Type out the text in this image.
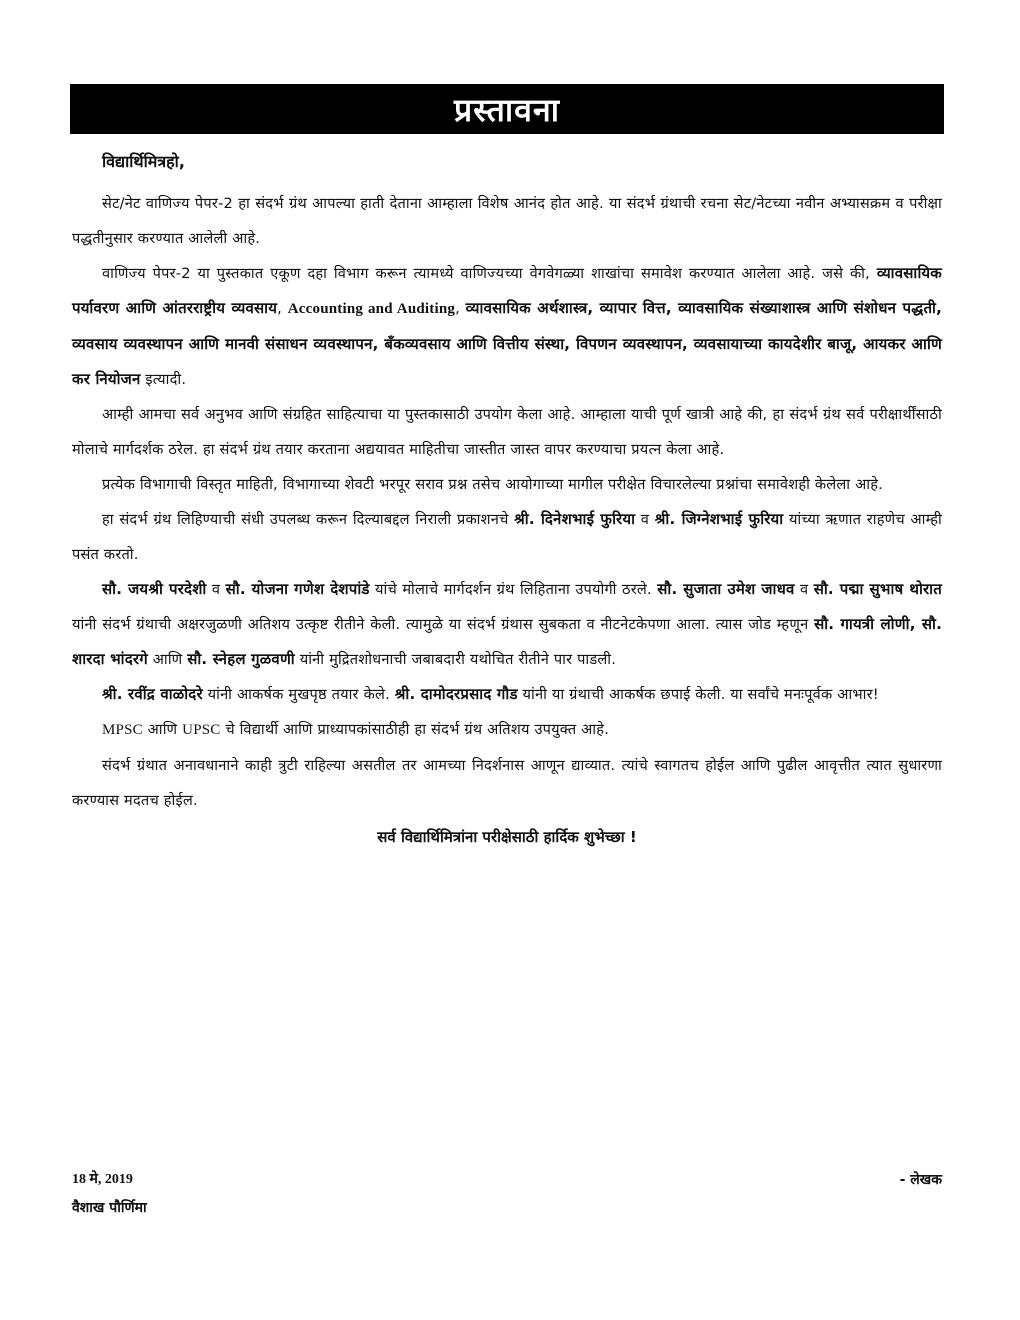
प्रस्तावना
विद्यार्थिमित्रहो,

सेट/नेट वाणिज्य पेपर-2 हा संदर्भ ग्रंथ आपल्या हाती देताना आम्हाला विशेष आनंद होत आहे. या संदर्भ ग्रंथाची रचना सेट/नेटच्या नवीन अभ्यासक्रम व परीक्षा पद्धतीनुसार करण्यात आलेली आहे.

वाणिज्य पेपर-2 या पुस्तकात एकूण दहा विभाग करून त्यामध्ये वाणिज्यच्या वेगवेगळ्या शाखांचा समावेश करण्यात आलेला आहे. जसे की, व्यावसायिक पर्यावरण आणि आंतरराष्ट्रीय व्यवसाय, Accounting and Auditing, व्यावसायिक अर्थशास्त्र, व्यापार वित्त, व्यावसायिक संख्याशास्त्र आणि संशोधन पद्धती, व्यवसाय व्यवस्थापन आणि मानवी संसाधन व्यवस्थापन, बँकव्यवसाय आणि वित्तीय संस्था, विपणन व्यवस्थापन, व्यवसायाच्या कायदेशीर बाजू, आयकर आणि कर नियोजन इत्यादी.

आम्ही आमचा सर्व अनुभव आणि संग्रहित साहित्याचा या पुस्तकासाठी उपयोग केला आहे. आम्हाला याची पूर्ण खात्री आहे की, हा संदर्भ ग्रंथ सर्व परीक्षार्थींसाठी मोलाचे मार्गदर्शक ठरेल. हा संदर्भ ग्रंथ तयार करताना अद्ययावत माहितीचा जास्तीत जास्त वापर करण्याचा प्रयत्न केला आहे.

प्रत्येक विभागाची विस्तृत माहिती, विभागाच्या शेवटी भरपूर सराव प्रश्न तसेच आयोगाच्या मागील परीक्षेत विचारलेल्या प्रश्नांचा समावेशही केलेला आहे.

हा संदर्भ ग्रंथ लिहिण्याची संधी उपलब्ध करून दिल्याबद्दल निराली प्रकाशनचे श्री. दिनेशभाई फुरिया व श्री. जिग्नेशभाई फुरिया यांच्या ऋणात राहणेच आम्ही पसंत करतो.

सौ. जयश्री परदेशी व सौ. योजना गणेश देशपांडे यांचे मोलाचे मार्गदर्शन ग्रंथ लिहिताना उपयोगी ठरले. सौ. सुजाता उमेश जाधव व सौ. पद्मा सुभाष थोरात यांनी संदर्भ ग्रंथाची अक्षरजुळणी अतिशय उत्कृष्ट रीतीने केली. त्यामुळे या संदर्भ ग्रंथास सुबकता व नीटनेटकेपणा आला. त्यास जोड म्हणून सौ. गायत्री लोणी, सौ. शारदा भांदरगे आणि सौ. स्नेहल गुळवणी यांनी मुद्रितशोधनाची जबाबदारी यथोचित रीतीने पार पाडली.

श्री. रवींद्र वाळोदरे यांनी आकर्षक मुखपृष्ठ तयार केले. श्री. दामोदरप्रसाद गौड यांनी या ग्रंथाची आकर्षक छपाई केली. या सर्वांचे मनःपूर्वक आभार!

MPSC आणि UPSC चे विद्यार्थी आणि प्राध्यापकांसाठीही हा संदर्भ ग्रंथ अतिशय उपयुक्त आहे.

संदर्भ ग्रंथात अनावधानाने काही त्रुटी राहिल्या असतील तर आमच्या निदर्शनास आणून द्याव्यात. त्यांचे स्वागतच होईल आणि पुढील आवृत्तीत त्यात सुधारणा करण्यास मदतच होईल.

सर्व विद्यार्थिमित्रांना परीक्षेसाठी हार्दिक शुभेच्छा !
18 मे, 2019
वैशाख पौर्णिमा
- लेखक
